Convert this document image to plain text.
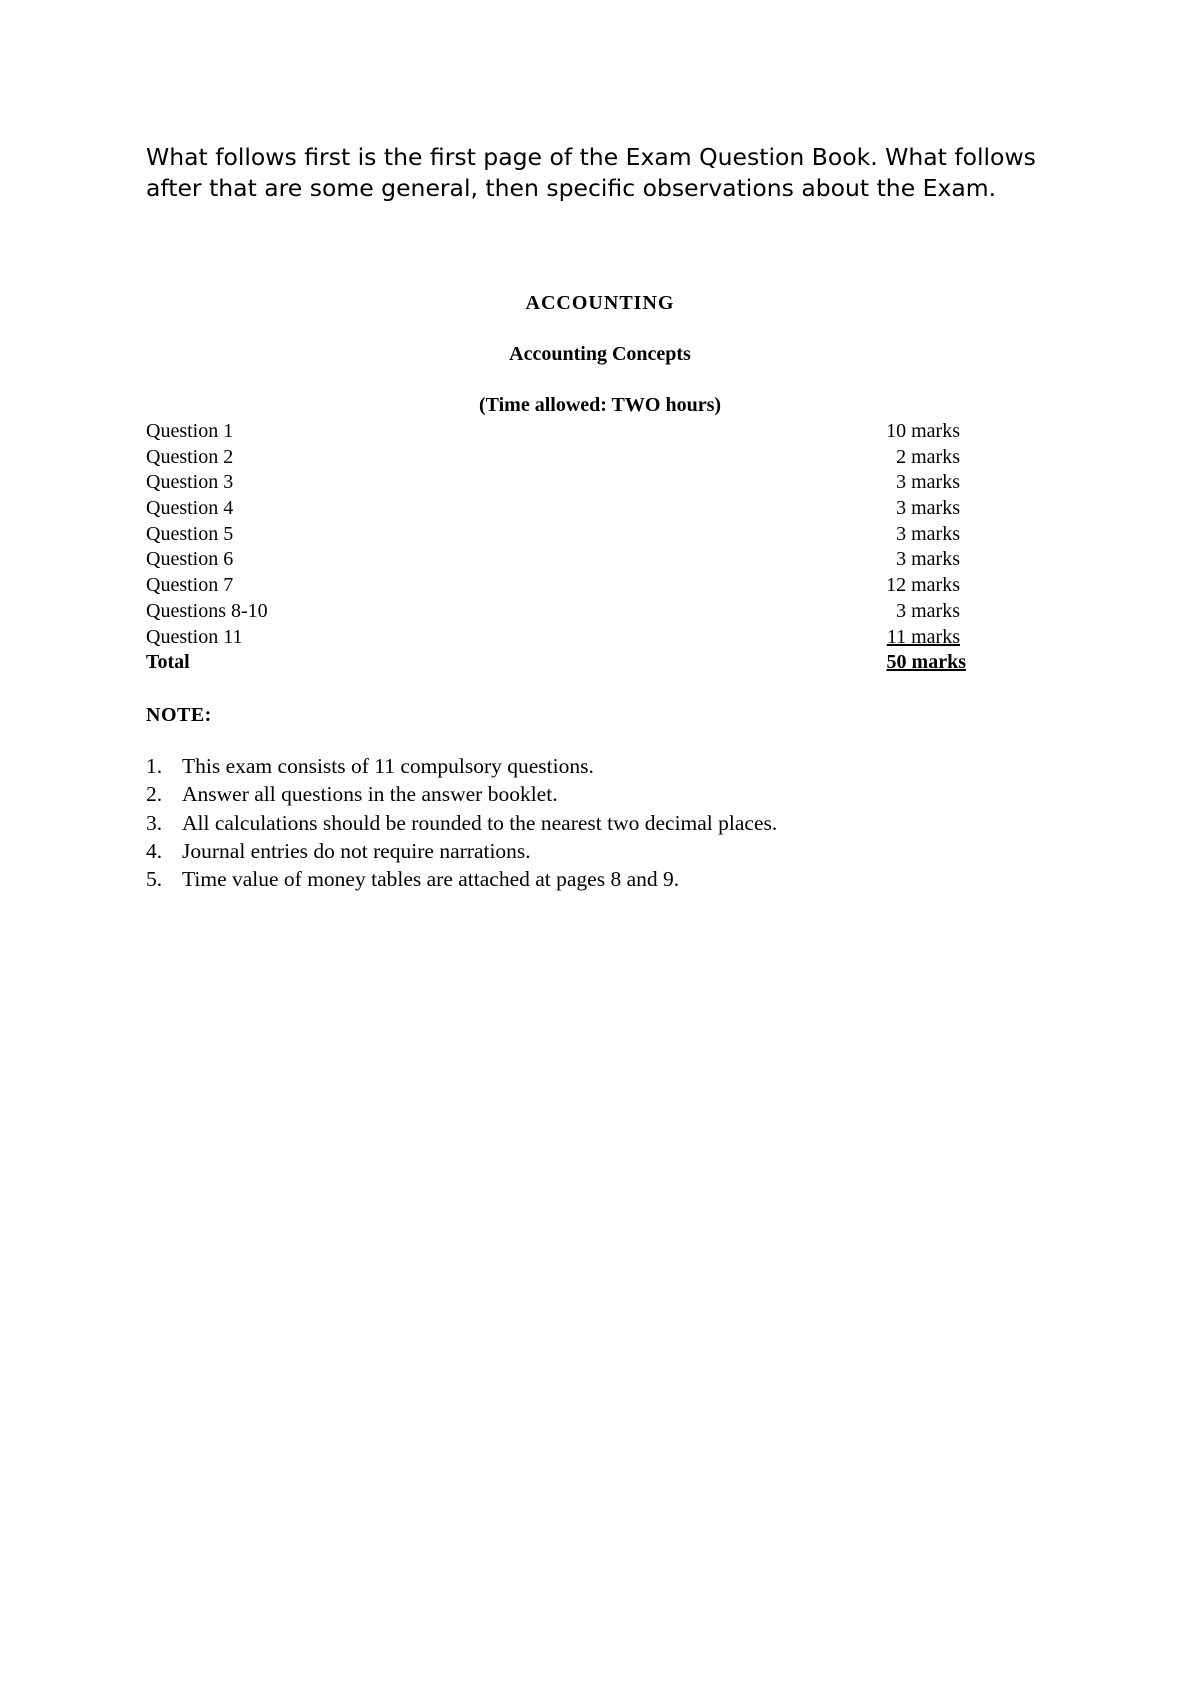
What follows first is the first page of the Exam Question Book. What follows after that are some general, then specific observations about the Exam.

ACCOUNTING
Accounting Concepts
(Time allowed: TWO hours)
Question 1	10 marks
Question 2	2 marks
Question 3	3 marks
Question 4	3 marks
Question 5	3 marks
Question 6	3 marks
Question 7	12 marks
Questions 8-10	3 marks
Question 11	11 marks
Total	50 marks

NOTE:

1. This exam consists of 11 compulsory questions.
2. Answer all questions in the answer booklet.
3. All calculations should be rounded to the nearest two decimal places.
4. Journal entries do not require narrations.
5. Time value of money tables are attached at pages 8 and 9.
